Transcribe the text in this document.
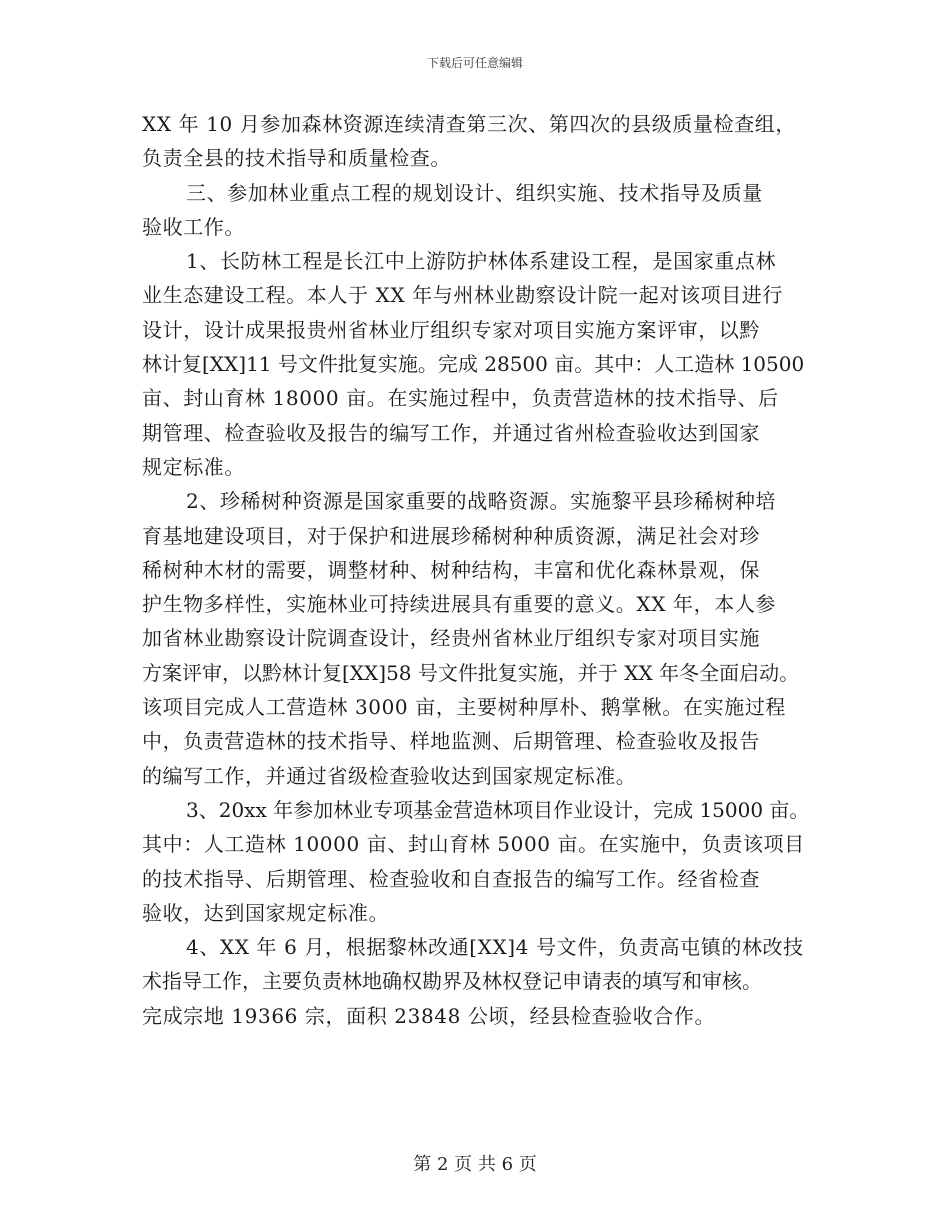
下载后可任意编辑
XX 年 10 月参加森林资源连续清查第三次、第四次的县级质量检查组，
负责全县的技术指导和质量检查。
三、参加林业重点工程的规划设计、组织实施、技术指导及质量
验收工作。
1、长防林工程是长江中上游防护林体系建设工程，是国家重点林
业生态建设工程。本人于 XX 年与州林业勘察设计院一起对该项目进行
设计，设计成果报贵州省林业厅组织专家对项目实施方案评审，以黔
林计复[XX]11 号文件批复实施。完成 28500 亩。其中：人工造林 10500
亩、封山育林 18000 亩。在实施过程中，负责营造林的技术指导、后
期管理、检查验收及报告的编写工作，并通过省州检查验收达到国家
规定标准。
2、珍稀树种资源是国家重要的战略资源。实施黎平县珍稀树种培
育基地建设项目，对于保护和进展珍稀树种种质资源，满足社会对珍
稀树种木材的需要，调整材种、树种结构，丰富和优化森林景观，保
护生物多样性，实施林业可持续进展具有重要的意义。XX 年，本人参
加省林业勘察设计院调查设计，经贵州省林业厅组织专家对项目实施
方案评审，以黔林计复[XX]58 号文件批复实施，并于 XX 年冬全面启动。
该项目完成人工营造林 3000 亩，主要树种厚朴、鹅掌楸。在实施过程
中，负责营造林的技术指导、样地监测、后期管理、检查验收及报告
的编写工作，并通过省级检查验收达到国家规定标准。
3、20xx 年参加林业专项基金营造林项目作业设计，完成 15000 亩。
其中：人工造林 10000 亩、封山育林 5000 亩。在实施中，负责该项目
的技术指导、后期管理、检查验收和自查报告的编写工作。经省检查
验收，达到国家规定标准。
4、XX 年 6 月，根据黎林改通[XX]4 号文件，负责高屯镇的林改技
术指导工作，主要负责林地确权勘界及林权登记申请表的填写和审核。
完成宗地 19366 宗，面积 23848 公顷，经县检查验收合作。
第 2 页 共 6 页
